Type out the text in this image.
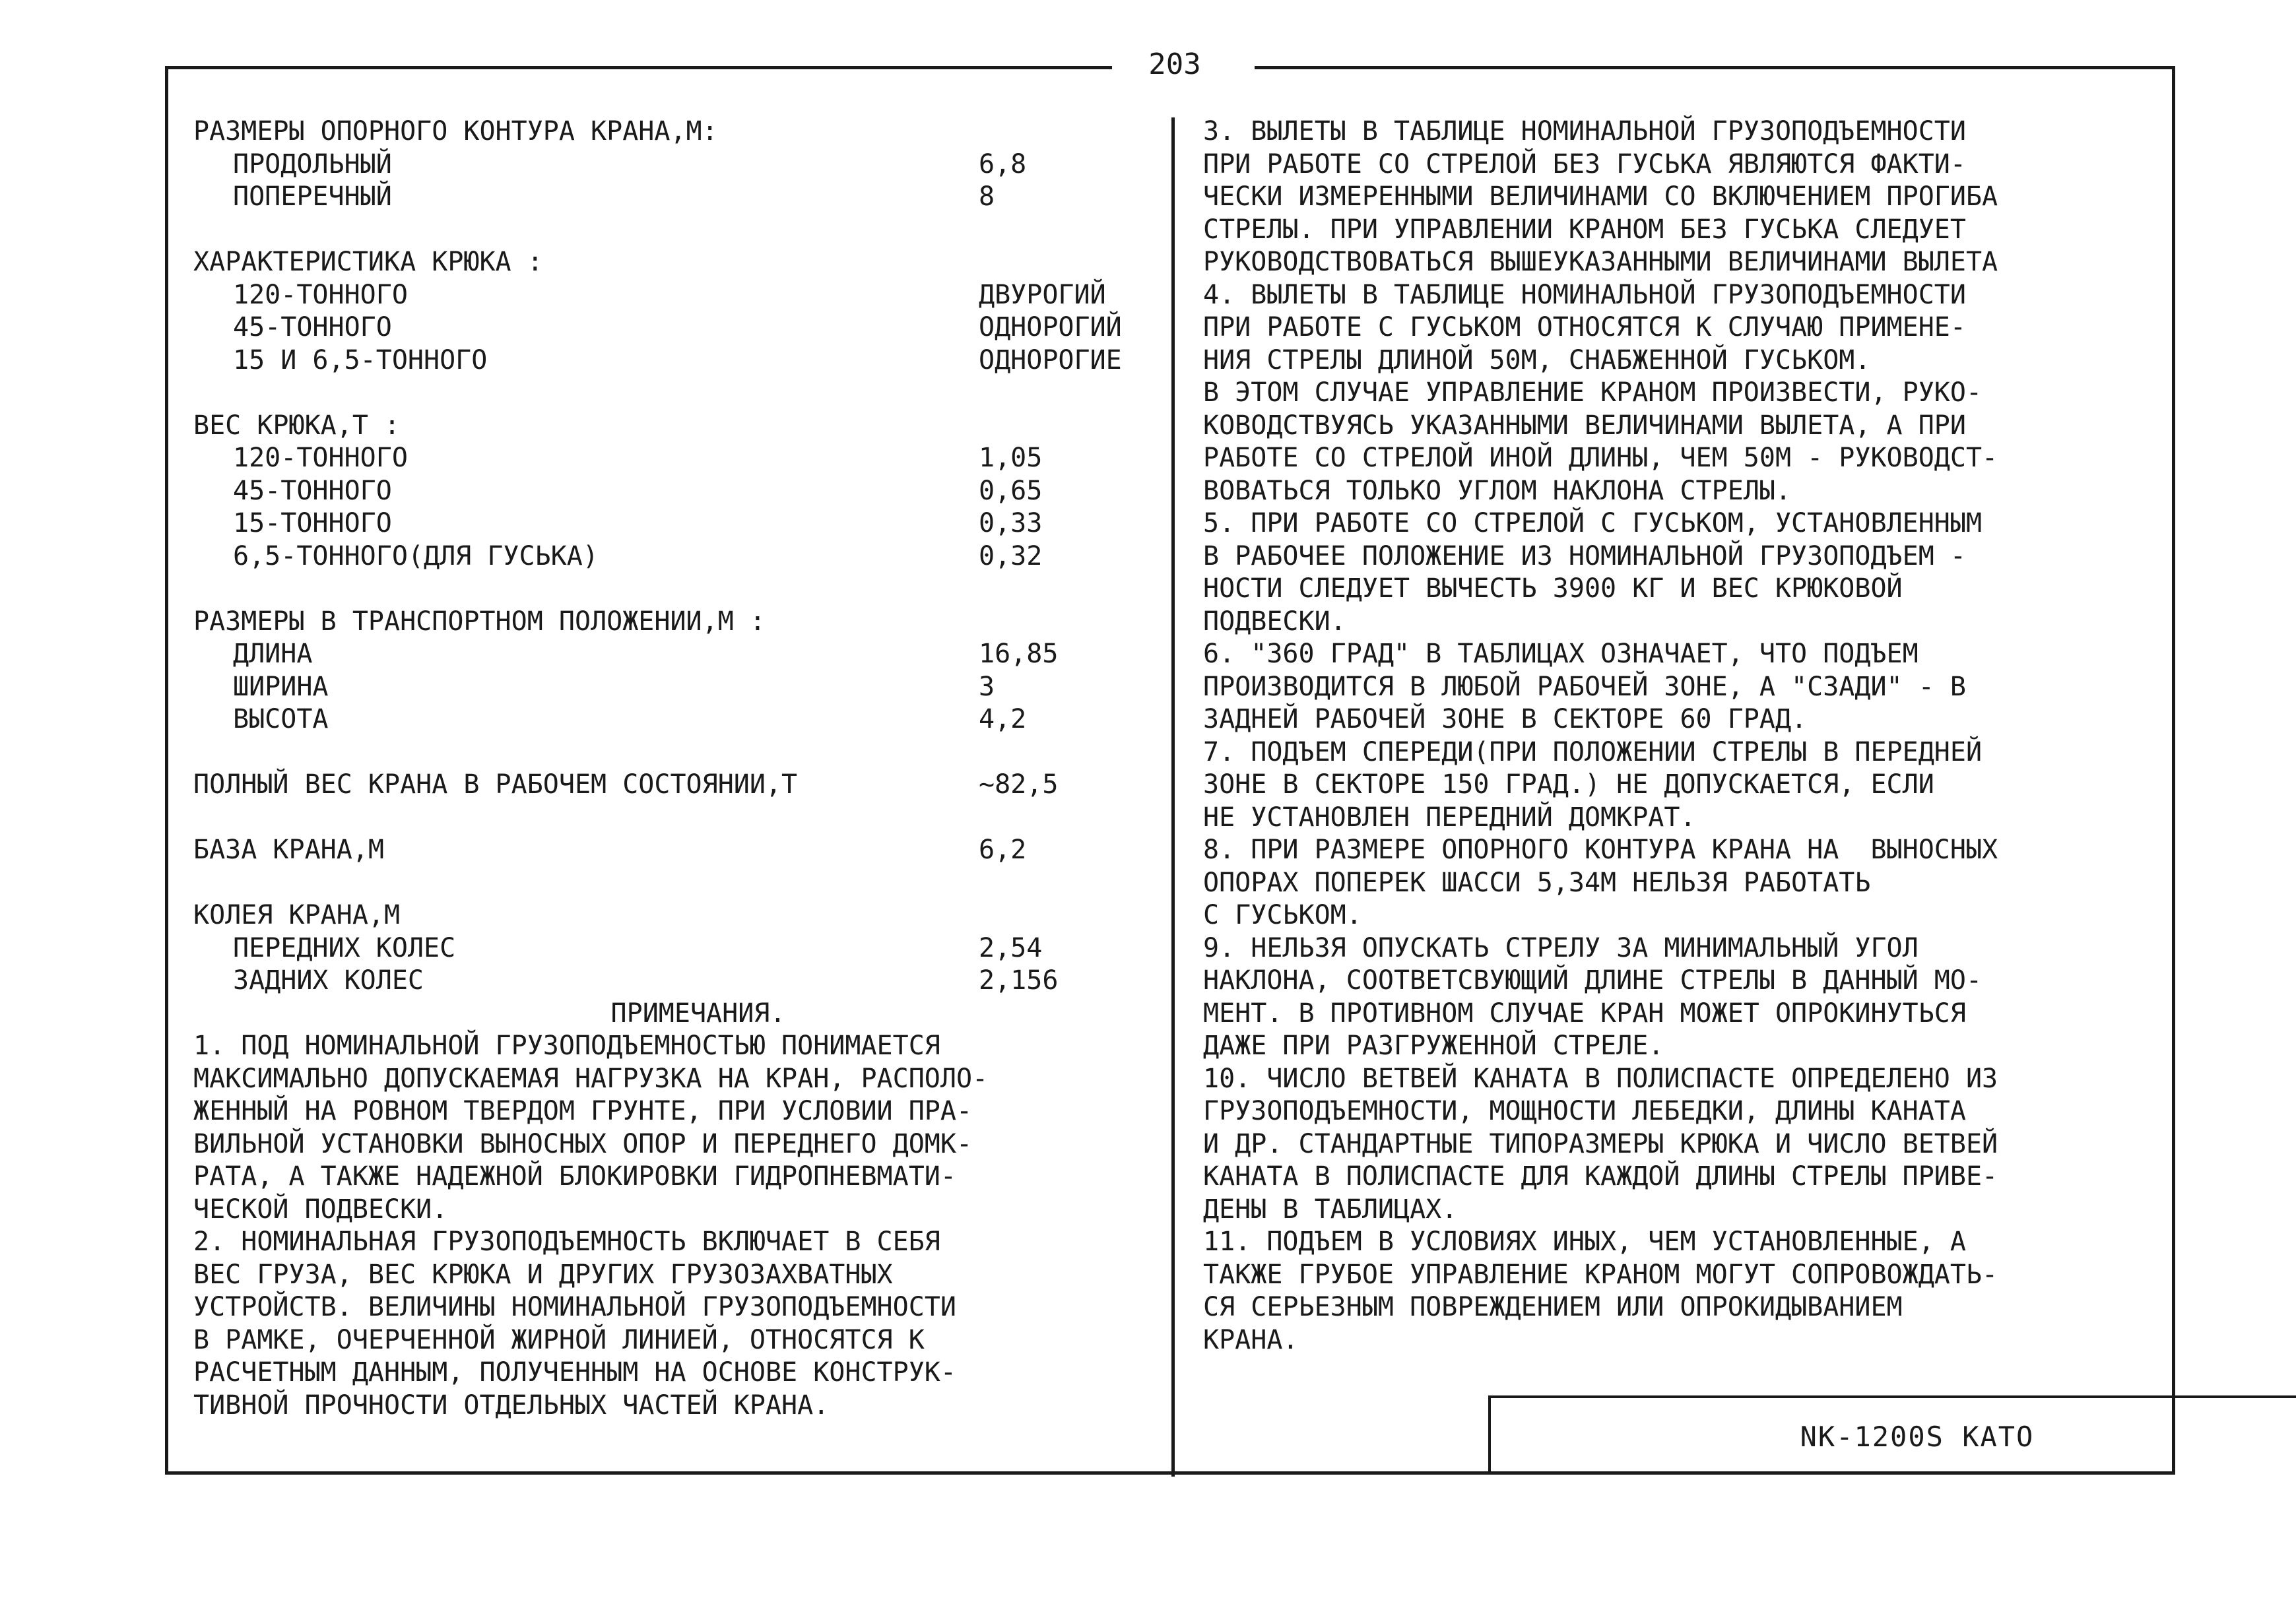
203
РАЗМЕРЫ ОПОРНОГО КОНТУРА КРАНА,М:
ПРОДОЛЬНЫЙ	6,8
ПОПЕРЕЧНЫЙ	8
ХАРАКТЕРИСТИКА КРЮКА :
120-ТОННОГО	ДВУРОГИЙ
45-ТОННОГО	ОДНОРОГИЙ
15 И 6,5-ТОННОГО	ОДНОРОГИЕ
ВЕС КРЮКА,Т :
120-ТОННОГО	1,05
45-ТОННОГО	0,65
15-ТОННОГО	0,33
6,5-ТОННОГО(ДЛЯ ГУСЬКА)	0,32
РАЗМЕРЫ В ТРАНСПОРТНОМ ПОЛОЖЕНИИ,М :
ДЛИНА	16,85
ШИРИНА	3
ВЫСОТА	4,2
ПОЛНЫЙ ВЕС КРАНА В РАБОЧЕМ СОСТОЯНИИ,Т	~82,5
БАЗА КРАНА,М	6,2
КОЛЕЯ КРАНА,М
ПЕРЕДНИХ КОЛЕС	2,54
ЗАДНИХ КОЛЕС	2,156
ПРИМЕЧАНИЯ.
1. ПОД НОМИНАЛЬНОЙ ГРУЗОПОДЪЕМНОСТЬЮ ПОНИМАЕТСЯ
МАКСИМАЛЬНО ДОПУСКАЕМАЯ НАГРУЗКА НА КРАН, РАСПОЛО-
ЖЕННЫЙ НА РОВНОМ ТВЕРДОМ ГРУНТЕ, ПРИ УСЛОВИИ ПРА-
ВИЛЬНОЙ УСТАНОВКИ ВЫНОСНЫХ ОПОР И ПЕРЕДНЕГО ДОМК-
РАТА, А ТАКЖЕ НАДЕЖНОЙ БЛОКИРОВКИ ГИДРОПНЕВМАТИ-
ЧЕСКОЙ ПОДВЕСКИ.
2. НОМИНАЛЬНАЯ ГРУЗОПОДЪЕМНОСТЬ ВКЛЮЧАЕТ В СЕБЯ
ВЕС ГРУЗА, ВЕС КРЮКА И ДРУГИХ ГРУЗОЗАХВАТНЫХ
УСТРОЙСТВ. ВЕЛИЧИНЫ НОМИНАЛЬНОЙ ГРУЗОПОДЪЕМНОСТИ
В РАМКЕ, ОЧЕРЧЕННОЙ ЖИРНОЙ ЛИНИЕЙ, ОТНОСЯТСЯ К
РАСЧЕТНЫМ ДАННЫМ, ПОЛУЧЕННЫМ НА ОСНОВЕ КОНСТРУК-
ТИВНОЙ ПРОЧНОСТИ ОТДЕЛЬНЫХ ЧАСТЕЙ КРАНА.
3. ВЫЛЕТЫ В ТАБЛИЦЕ НОМИНАЛЬНОЙ ГРУЗОПОДЪЕМНОСТИ
ПРИ РАБОТЕ СО СТРЕЛОЙ БЕЗ ГУСЬКА ЯВЛЯЮТСЯ ФАКТИ-
ЧЕСКИ ИЗМЕРЕННЫМИ ВЕЛИЧИНАМИ СО ВКЛЮЧЕНИЕМ ПРОГИБА
СТРЕЛЫ. ПРИ УПРАВЛЕНИИ КРАНОМ БЕЗ ГУСЬКА СЛЕДУЕТ
РУКОВОДСТВОВАТЬСЯ ВЫШЕУКАЗАННЫМИ ВЕЛИЧИНАМИ ВЫЛЕТА
4. ВЫЛЕТЫ В ТАБЛИЦЕ НОМИНАЛЬНОЙ ГРУЗОПОДЪЕМНОСТИ
ПРИ РАБОТЕ С ГУСЬКОМ ОТНОСЯТСЯ К СЛУЧАЮ ПРИМЕНЕ-
НИЯ СТРЕЛЫ ДЛИНОЙ 50М, СНАБЖЕННОЙ ГУСЬКОМ.
В ЭТОМ СЛУЧАЕ УПРАВЛЕНИЕ КРАНОМ ПРОИЗВЕСТИ, РУКО-
КОВОДСТВУЯСЬ УКАЗАННЫМИ ВЕЛИЧИНАМИ ВЫЛЕТА, А ПРИ
РАБОТЕ СО СТРЕЛОЙ ИНОЙ ДЛИНЫ, ЧЕМ 50М - РУКОВОДСТ-
ВОВАТЬСЯ ТОЛЬКО УГЛОМ НАКЛОНА СТРЕЛЫ.
5. ПРИ РАБОТЕ СО СТРЕЛОЙ С ГУСЬКОМ, УСТАНОВЛЕННЫМ
В РАБОЧЕЕ ПОЛОЖЕНИЕ ИЗ НОМИНАЛЬНОЙ ГРУЗОПОДЪЕМ -
НОСТИ СЛЕДУЕТ ВЫЧЕСТЬ 3900 КГ И ВЕС КРЮКОВОЙ
ПОДВЕСКИ.
6. "360 ГРАД" В ТАБЛИЦАХ ОЗНАЧАЕТ, ЧТО ПОДЪЕМ
ПРОИЗВОДИТСЯ В ЛЮБОЙ РАБОЧЕЙ ЗОНЕ, А "СЗАДИ" - В
ЗАДНЕЙ РАБОЧЕЙ ЗОНЕ В СЕКТОРЕ 60 ГРАД.
7. ПОДЪЕМ СПЕРЕДИ(ПРИ ПОЛОЖЕНИИ СТРЕЛЫ В ПЕРЕДНЕЙ
ЗОНЕ В СЕКТОРЕ 150 ГРАД.) НЕ ДОПУСКАЕТСЯ, ЕСЛИ
НЕ УСТАНОВЛЕН ПЕРЕДНИЙ ДОМКРАТ.
8. ПРИ РАЗМЕРЕ ОПОРНОГО КОНТУРА КРАНА НА  ВЫНОСНЫХ
ОПОРАХ ПОПЕРЕК ШАССИ 5,34М НЕЛЬЗЯ РАБОТАТЬ
С ГУСЬКОМ.
9. НЕЛЬЗЯ ОПУСКАТЬ СТРЕЛУ ЗА МИНИМАЛЬНЫЙ УГОЛ
НАКЛОНА, СООТВЕТСВУЮЩИЙ ДЛИНЕ СТРЕЛЫ В ДАННЫЙ МО-
МЕНТ. В ПРОТИВНОМ СЛУЧАЕ КРАН МОЖЕТ ОПРОКИНУТЬСЯ
ДАЖЕ ПРИ РАЗГРУЖЕННОЙ СТРЕЛЕ.
10. ЧИСЛО ВЕТВЕЙ КАНАТА В ПОЛИСПАСТЕ ОПРЕДЕЛЕНО ИЗ
ГРУЗОПОДЪЕМНОСТИ, МОЩНОСТИ ЛЕБЕДКИ, ДЛИНЫ КАНАТА
И ДР. СТАНДАРТНЫЕ ТИПОРАЗМЕРЫ КРЮКА И ЧИСЛО ВЕТВЕЙ
КАНАТА В ПОЛИСПАСТЕ ДЛЯ КАЖДОЙ ДЛИНЫ СТРЕЛЫ ПРИВЕ-
ДЕНЫ В ТАБЛИЦАХ.
11. ПОДЪЕМ В УСЛОВИЯХ ИНЫХ, ЧЕМ УСТАНОВЛЕННЫЕ, А
ТАКЖЕ ГРУБОЕ УПРАВЛЕНИЕ КРАНОМ МОГУТ СОПРОВОЖДАТЬ-
СЯ СЕРЬЕЗНЫМ ПОВРЕЖДЕНИЕМ ИЛИ ОПРОКИДЫВАНИЕМ
КРАНА.
NK-1200S KATO
